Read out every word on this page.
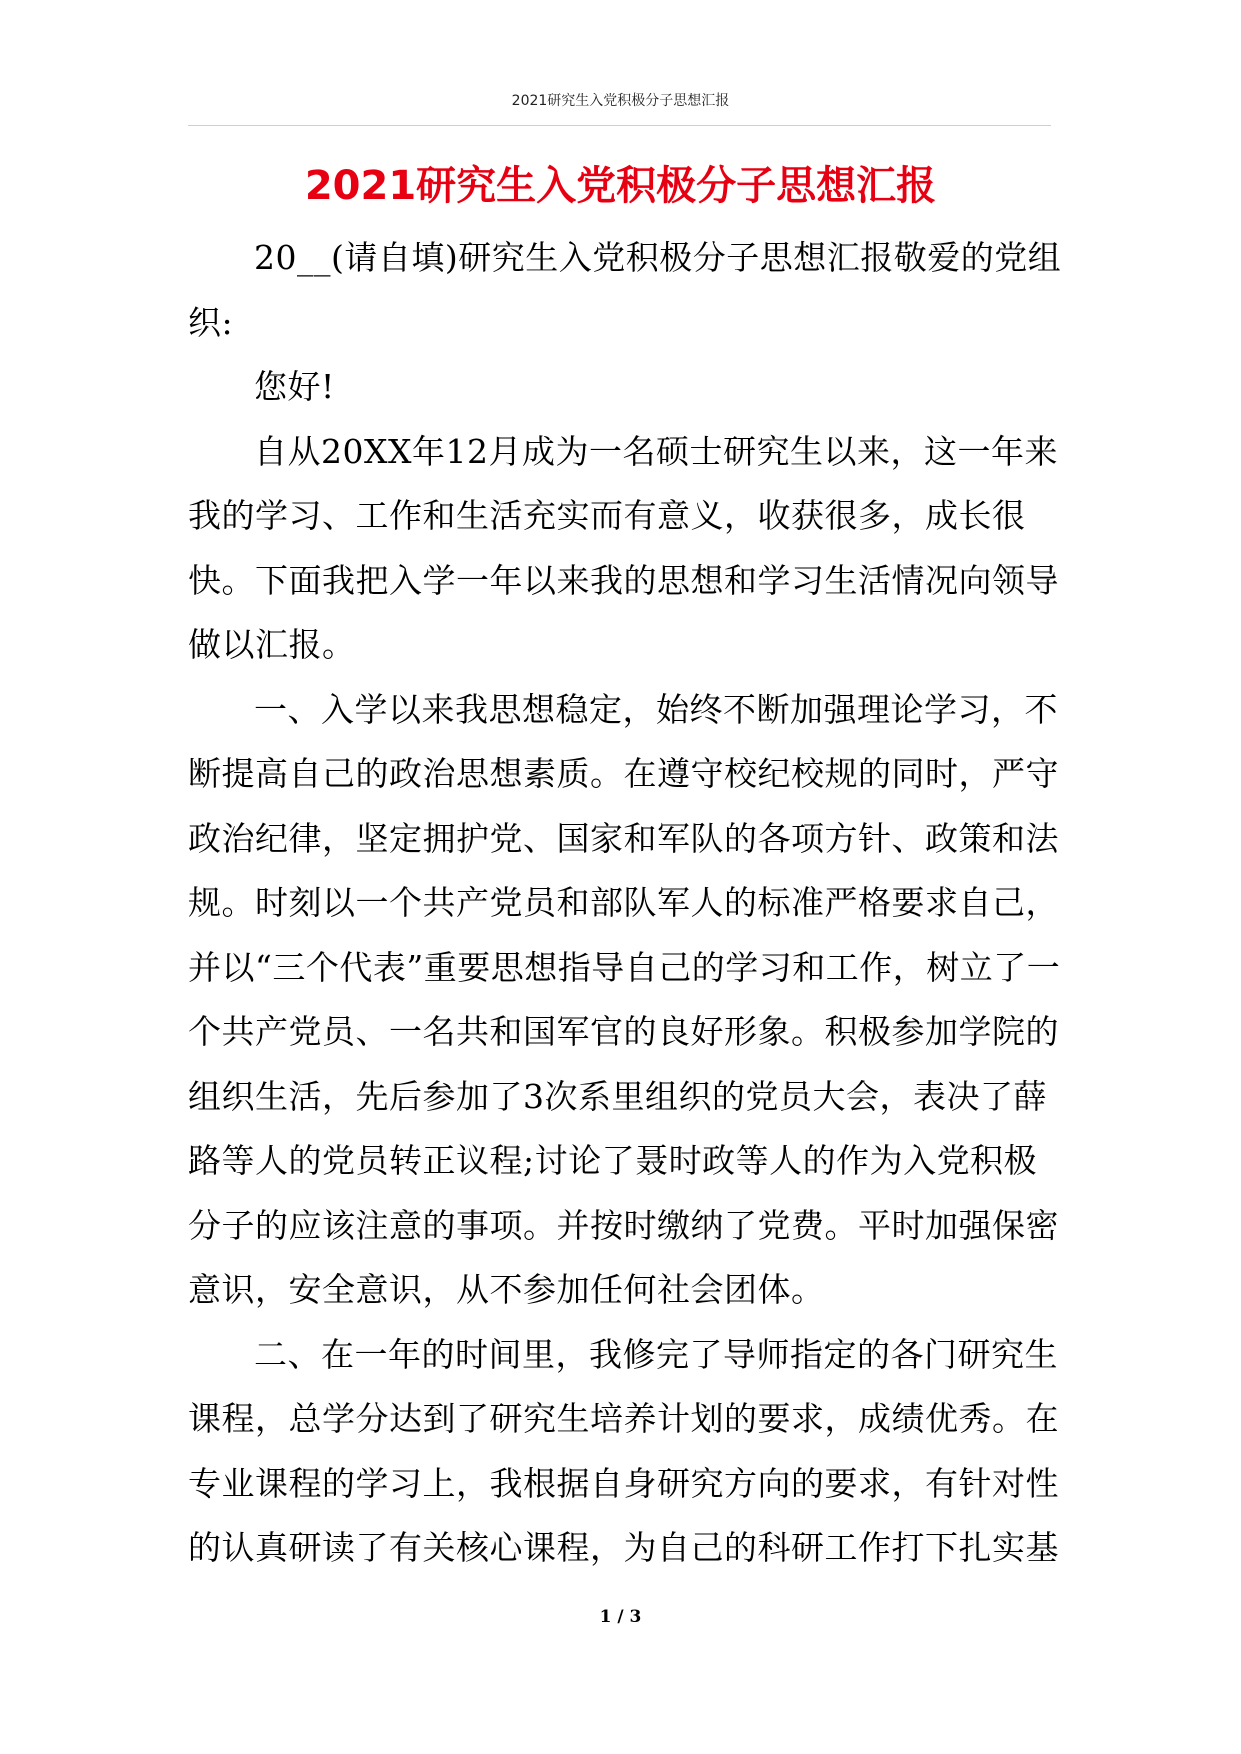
2021研究生入党积极分子思想汇报
2021研究生入党积极分子思想汇报

20__(请自填)研究生入党积极分子思想汇报敬爱的党组织:

您好!

自从20XX年12月成为一名硕士研究生以来，这一年来我的学习、工作和生活充实而有意义，收获很多，成长很快。下面我把入学一年以来我的思想和学习生活情况向领导做以汇报。

一、入学以来我思想稳定，始终不断加强理论学习，不断提高自己的政治思想素质。在遵守校纪校规的同时，严守政治纪律，坚定拥护党、国家和军队的各项方针、政策和法规。时刻以一个共产党员和部队军人的标准严格要求自己，并以“三个代表”重要思想指导自己的学习和工作，树立了一个共产党员、一名共和国军官的良好形象。积极参加学院的组织生活，先后参加了3次系里组织的党员大会，表决了薛路等人的党员转正议程;讨论了聂时政等人的作为入党积极分子的应该注意的事项。并按时缴纳了党费。平时加强保密意识，安全意识，从不参加任何社会团体。

二、在一年的时间里，我修完了导师指定的各门研究生课程，总学分达到了研究生培养计划的要求，成绩优秀。在专业课程的学习上，我根据自身研究方向的要求，有针对性的认真研读了有关核心课程，为自己的科研工作打下扎实基

1 / 3
